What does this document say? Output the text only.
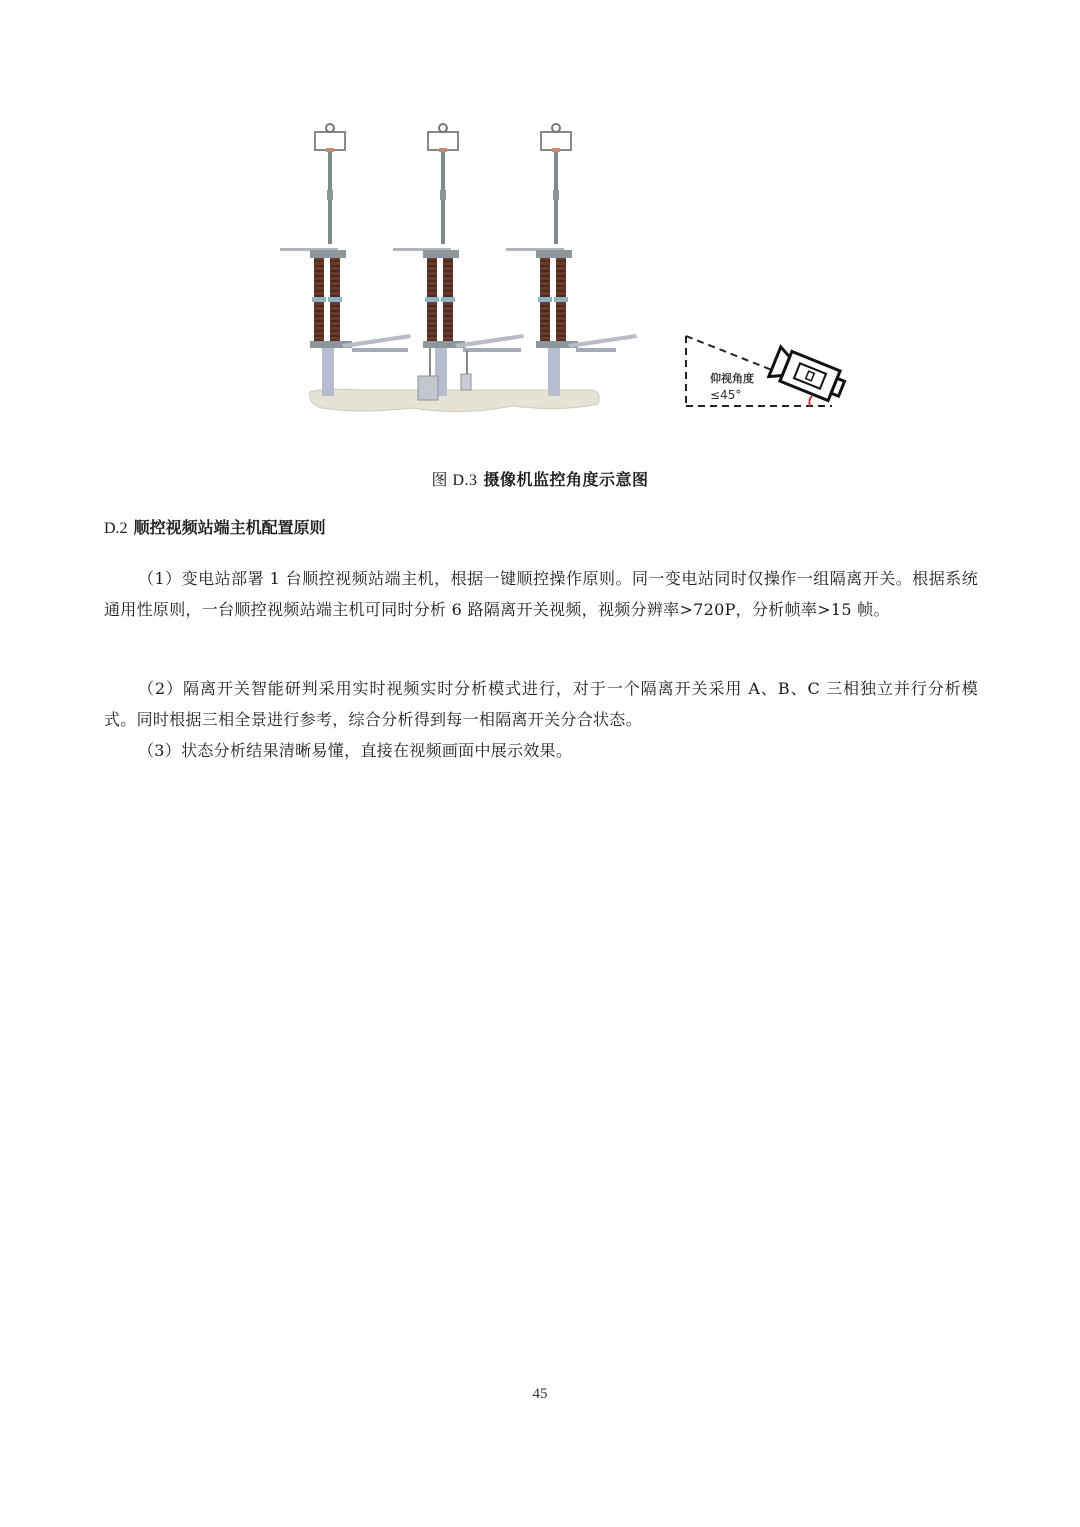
仰视角度
≤45°
图 D.3 摄像机监控角度示意图
D.2 顺控视频站端主机配置原则

（1）变电站部署 1 台顺控视频站端主机，根据一键顺控操作原则。同一变电站同时仅操作一组隔离开关。根据系统通用性原则，一台顺控视频站端主机可同时分析 6 路隔离开关视频，视频分辨率>720P，分析帧率>15 帧。

（2）隔离开关智能研判采用实时视频实时分析模式进行，对于一个隔离开关采用 A、B、C 三相独立并行分析模式。同时根据三相全景进行参考，综合分析得到每一相隔离开关分合状态。

（3）状态分析结果清晰易懂，直接在视频画面中展示效果。

45
